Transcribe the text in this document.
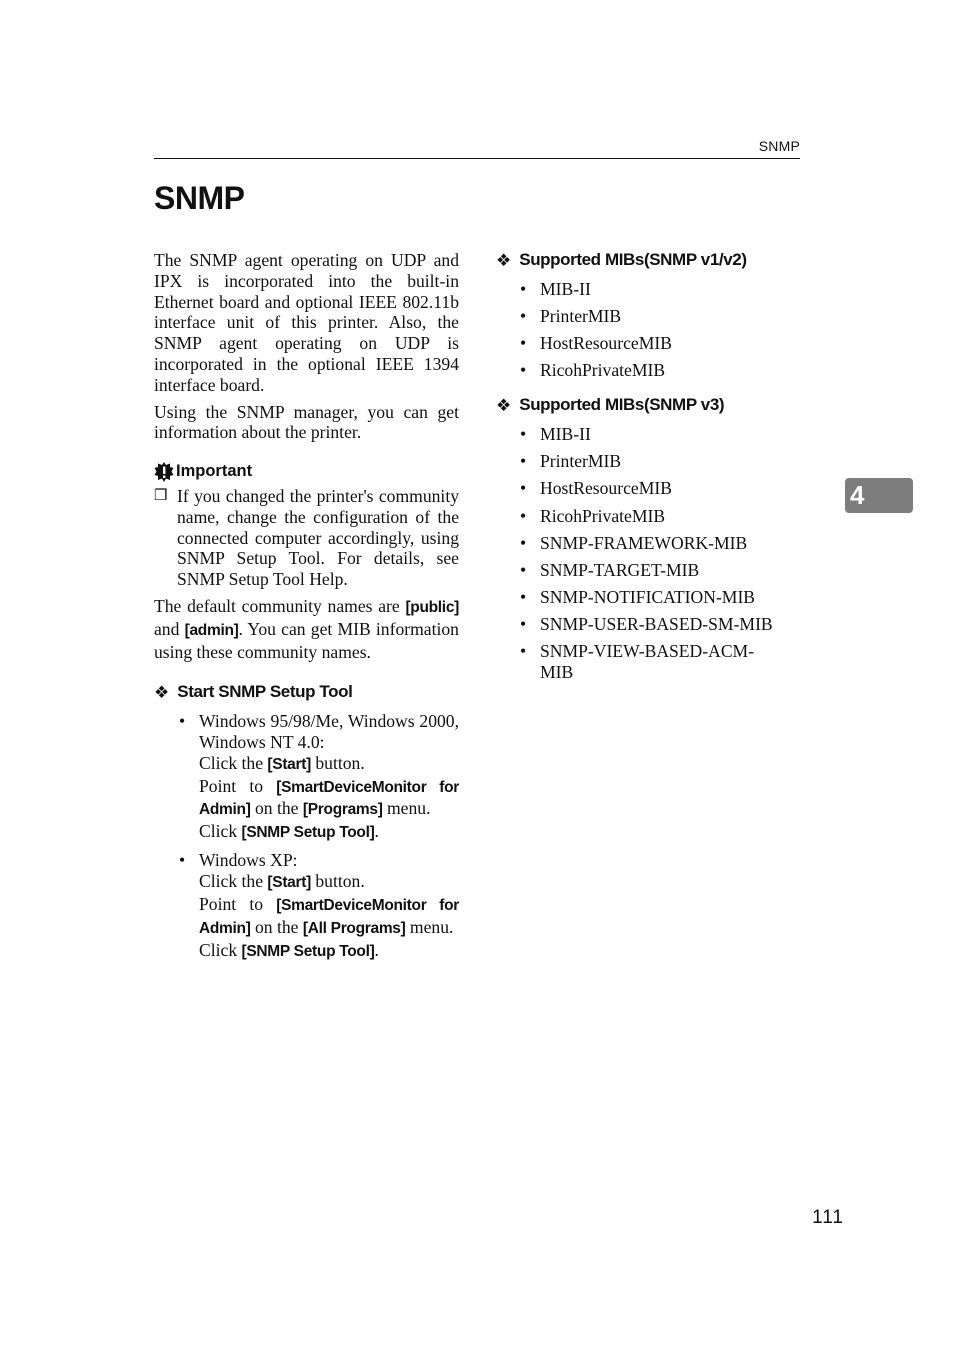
SNMP
SNMP

The SNMP agent operating on UDP and IPX is incorporated into the built-in Ethernet board and optional IEEE 802.11b interface unit of this printer. Also, the SNMP agent operating on UDP is incorporated in the optional IEEE 1394 interface board.

Using the SNMP manager, you can get information about the printer.

Important
❒ If you changed the printer's community name, change the configuration of the connected computer accordingly, using SNMP Setup Tool. For details, see SNMP Setup Tool Help.

The default community names are [public] and [admin]. You can get MIB information using these community names.

❖ Start SNMP Setup Tool
• Windows 95/98/Me, Windows 2000, Windows NT 4.0:
Click the [Start] button.
Point to [SmartDeviceMonitor for Admin] on the [Programs] menu.
Click [SNMP Setup Tool].
• Windows XP:
Click the [Start] button.
Point to [SmartDeviceMonitor for Admin] on the [All Programs] menu.
Click [SNMP Setup Tool].
❖ Supported MIBs(SNMP v1/v2)
• MIB-II
• PrinterMIB
• HostResourceMIB
• RicohPrivateMIB
❖ Supported MIBs(SNMP v3)
• MIB-II
• PrinterMIB
• HostResourceMIB
• RicohPrivateMIB
• SNMP-FRAMEWORK-MIB
• SNMP-TARGET-MIB
• SNMP-NOTIFICATION-MIB
• SNMP-USER-BASED-SM-MIB
• SNMP-VIEW-BASED-ACM-MIB
4
111
